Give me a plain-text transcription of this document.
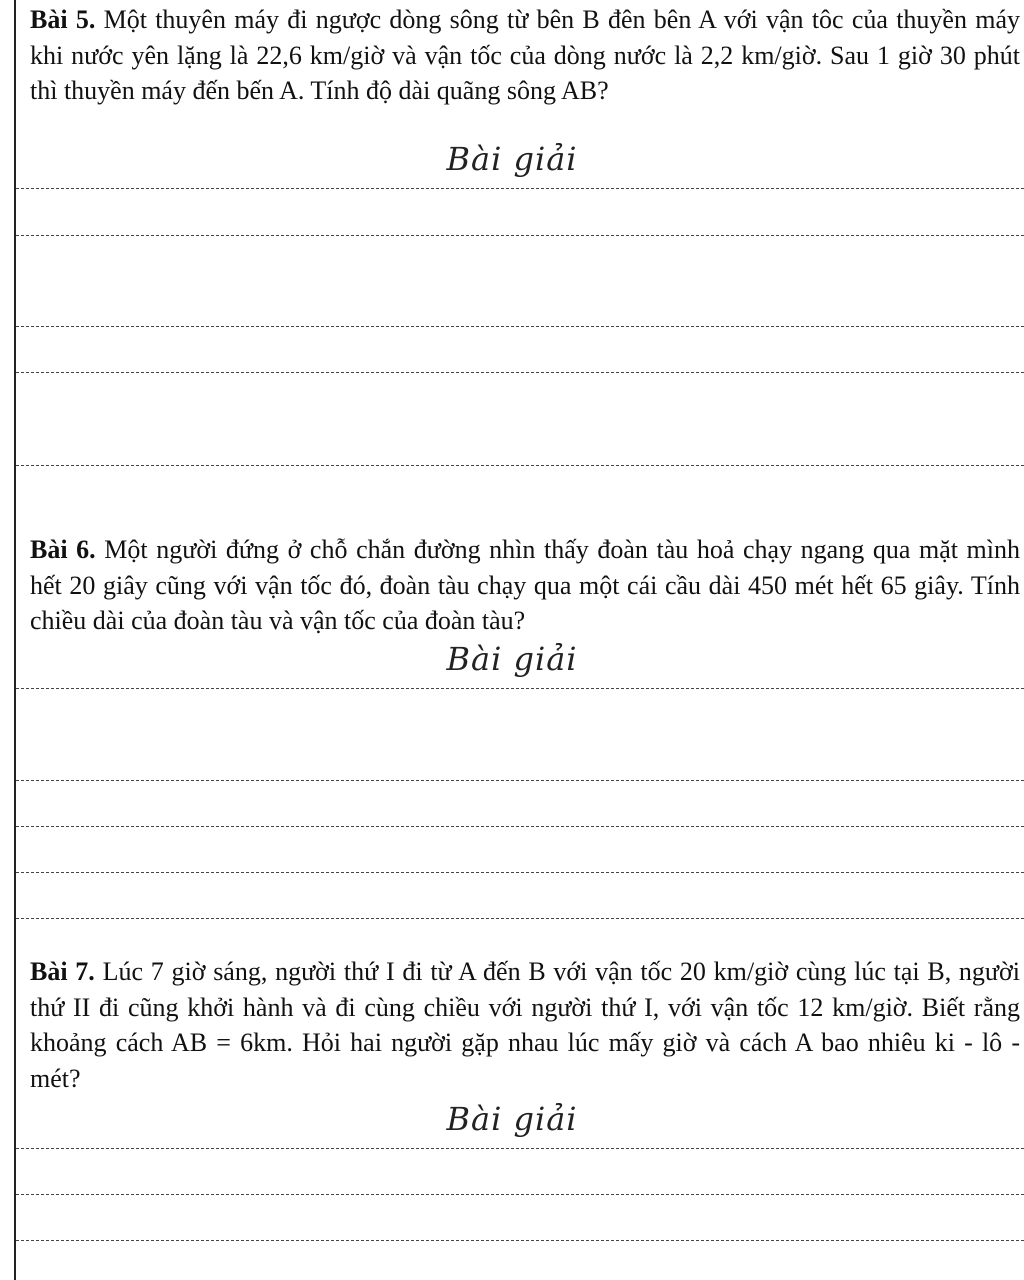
Bài 5. Một thuyên máy đi ngược dòng sông từ bên B đên bên A với vận tôc của thuyền máy khi nước yên lặng là 22,6 km/giờ và vận tốc của dòng nước là 2,2 km/giờ. Sau 1 giờ 30 phút thì thuyền máy đến bến A. Tính độ dài quãng sông AB?
Bài giải
Bài 6. Một người đứng ở chỗ chắn đường nhìn thấy đoàn tàu hoả chạy ngang qua mặt mình hết 20 giây cũng với vận tốc đó, đoàn tàu chạy qua một cái cầu dài 450 mét hết 65 giây. Tính chiều dài của đoàn tàu và vận tốc của đoàn tàu?
Bài giải
Bài 7. Lúc 7 giờ sáng, người thứ I đi từ A đến B với vận tốc 20 km/giờ cùng lúc tại B, người thứ II đi cũng khởi hành và đi cùng chiều với người thứ I, với vận tốc 12 km/giờ. Biết rằng khoảng cách AB = 6km. Hỏi hai người gặp nhau lúc mấy giờ và cách A bao nhiêu ki - lô - mét?
Bài giải
